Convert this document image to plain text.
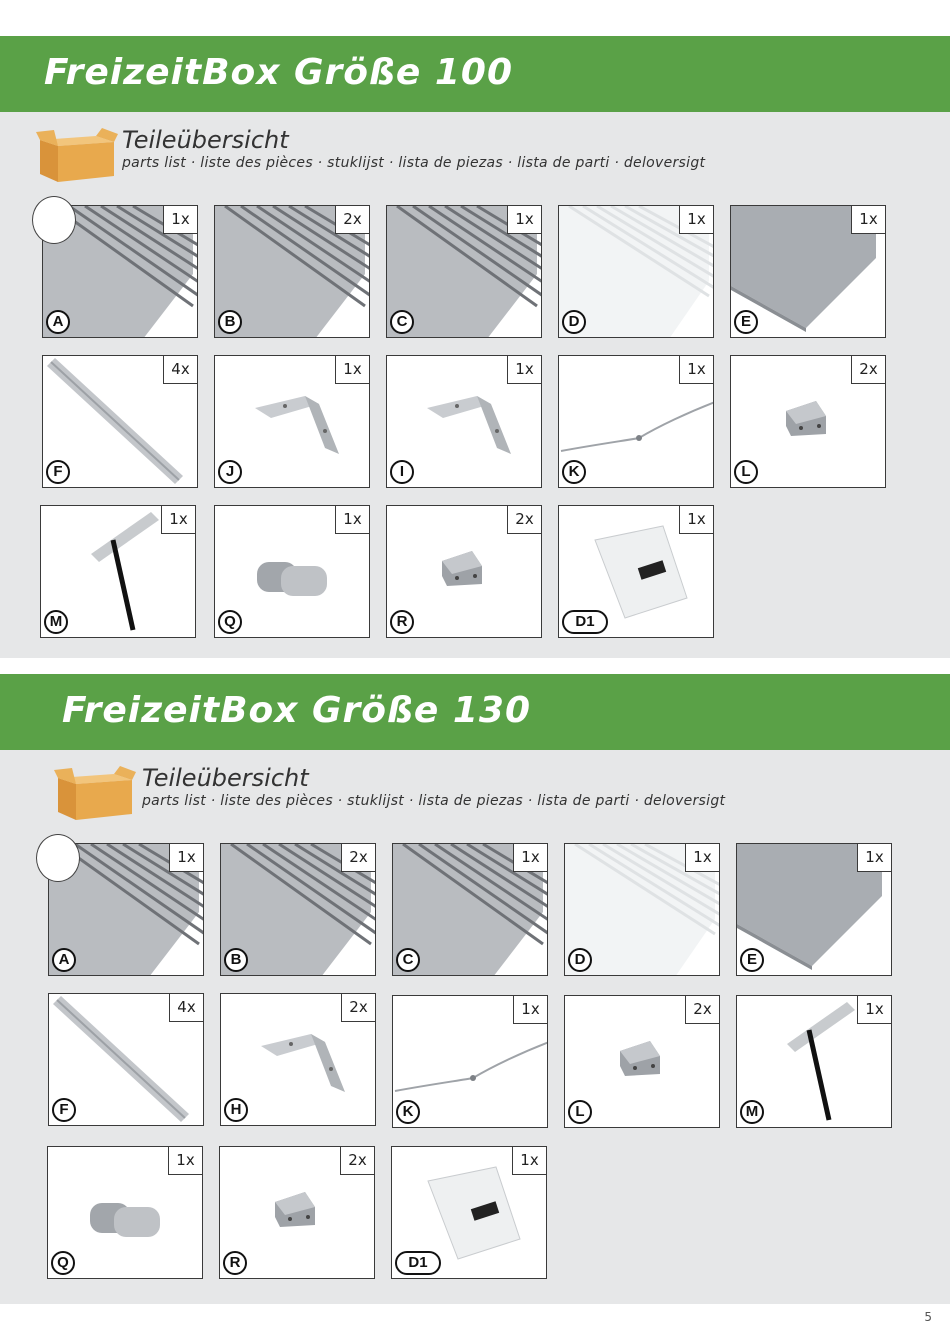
FreizeitBox Größe 100
Teileübersicht
parts list · liste des pièces · stuklijst · lista de piezas · lista de parti · deloversigt
FreizeitBox Größe 130
Teileübersicht
parts list · liste des pièces · stuklijst · lista de piezas · lista de parti · deloversigt
1x
A
2x
B
1x
C
1x
D
1x
E
4x
F
1x
J
1x
I
1x
K
2x
L
1x
M
1x
Q
2x
R
1x
D1
1x
A
2x
B
1x
C
1x
D
1x
E
4x
F
2x
H
1x
K
2x
L
1x
M
1x
Q
2x
R
1x
D1
5
